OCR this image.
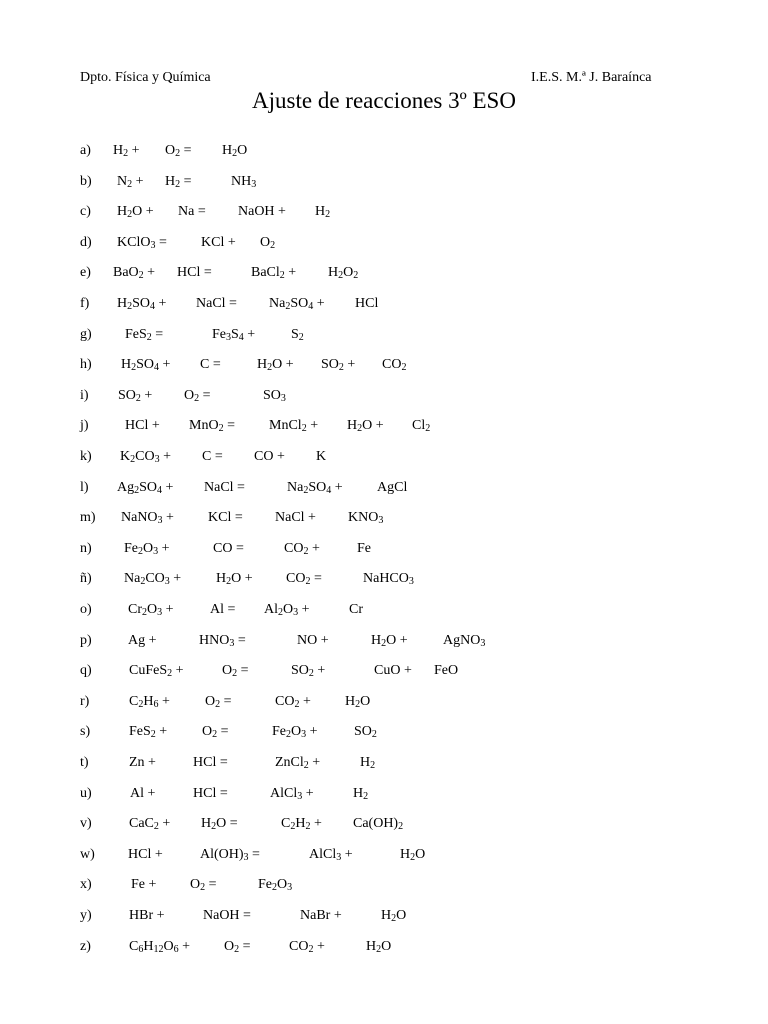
Dpto. Física y Química	I.E.S. M.ª J. Baraínca
Ajuste de reacciones 3º ESO
a) $H_2 + O_2 = H_2O$
b) $N_2 + H_2$ =	$NH_3$
c) $H_2O + Na$ = NaOH + $H_2$
d) KClO$_3$ = KCl + $O_2$
e) BaO$_2$ + HCl =	BaCl$_2$ + $H_2O_2$
f) $H_2SO_4$ + NaCl = $Na_2SO_4$ + HCl
g) FeS$_2$ =	$Fe_3S_4$ +	$S_2$
h) $H_2SO_4 + C$ =	$H_2O + SO_2 + CO_2$
i) $SO_2 + O_2$ =	$SO_3$
j)	HCl + MnO$_2$ = MnCl$_2$ + $H_2O + Cl_2$
k) $K_2CO_3 + C$ = CO + K
l) $Ag_2SO_4$ + NaCl =	$Na_2SO_4$ + AgCl
m) NaNO$_3$ + KCl = NaCl + $KNO_3$
n) $Fe_2O_3$ +	CO =	$CO_2$ +	Fe
ñ) $Na_2CO_3 + H_2O + CO_2$ =	NaHCO$_3$
o)	$Cr_2O_3$ +	$Al = Al_2O_3$ +	Cr
p)	Ag +	$HNO_3$ =	NO +	$H_2O$ +	AgNO$_3$
q)	CuFeS$_2$ +	$O_2$ =	$SO_2$ +	CuO + FeO
r)	$C_2H_6$ +	$O_2$ =	$CO_2 + H_2O$
s)	$FeS_2 + O_2$ =	$Fe_2O_3$ +	$SO_2$
t)	Zn +	HCl =	ZnCl$_2$ +	$H_2$
u)	Al +	HCl =	AlCl$_3$ +	$H_2$
v)	$CaC_2 + H_2O$ =	$C_2H_2 + Ca(OH)_2$
w) HCl +	$Al(OH)_3$ =	AlCl$_3$ +	$H_2O$
x)	$Fe + O_2$ =	$Fe_2O_3$
y)	HBr +	NaOH =	NaBr +	$H_2O$
z)	$C_6H_{12}O_6 + O_2$ =	$CO_2$ +	$H_2O$
